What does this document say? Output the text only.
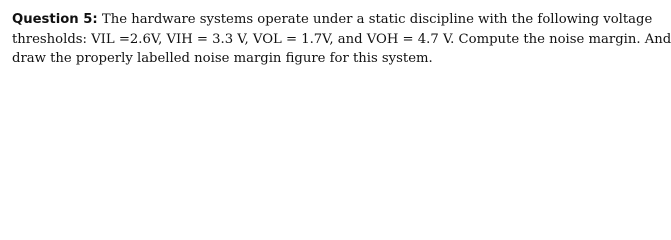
Question 5: The hardware systems operate under a static discipline with the following voltage
thresholds: VIL =2.6V, VIH = 3.3 V, VOL = 1.7V, and VOH = 4.7 V. Compute the noise margin. And
draw the properly labelled noise margin figure for this system.
